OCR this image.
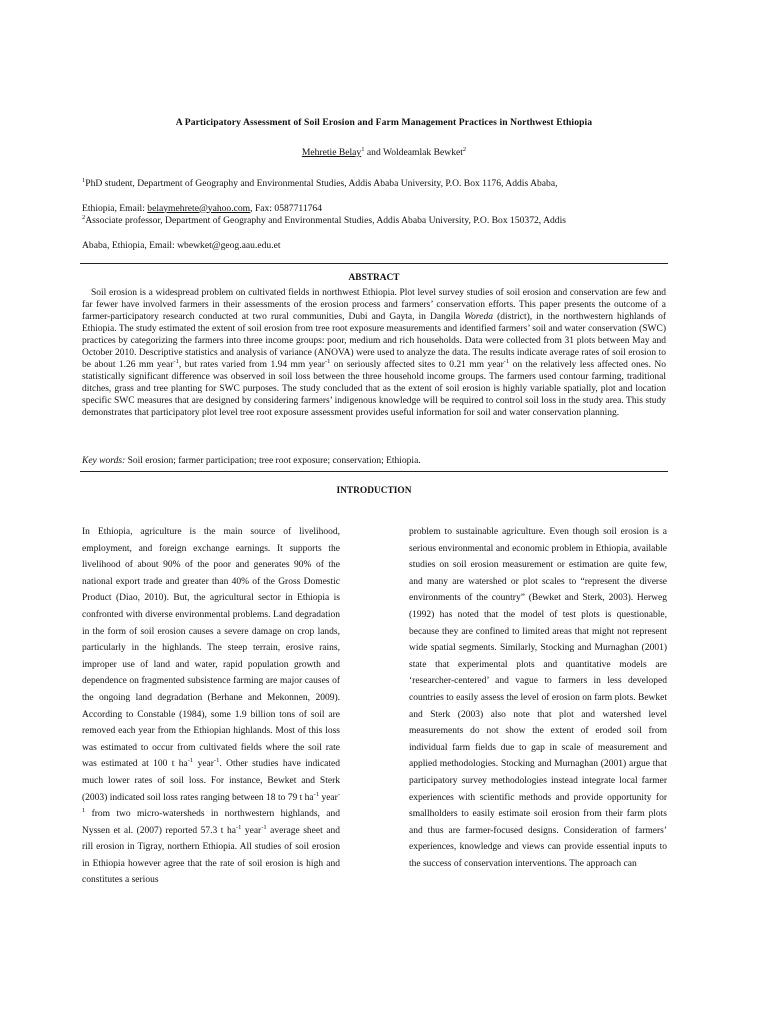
A Participatory Assessment of Soil Erosion and Farm Management Practices in Northwest Ethiopia
Mehretie Belay$^1$ and Woldeamlak Bewket$^2$
$^1$PhD student, Department of Geography and Environmental Studies, Addis Ababa University, P.O. Box 1176, Addis Ababa,
Ethiopia, Email: belaymehrete@yahoo.com, Fax: 0587711764
$^2$Associate professor, Department of Geography and Environmental Studies, Addis Ababa University, P.O. Box 150372, Addis
Ababa, Ethiopia, Email: wbewket@geog.aau.edu.et
ABSTRACT

Soil erosion is a widespread problem on cultivated fields in northwest Ethiopia. Plot level survey studies of soil erosion and conservation are few and far fewer have involved farmers in their assessments of the erosion process and farmers’ conservation efforts. This paper presents the outcome of a farmer-participatory research conducted at two rural communities, Dubi and Gayta, in Dangila Woreda (district), in the northwestern highlands of Ethiopia. The study estimated the extent of soil erosion from tree root exposure measurements and identified farmers’ soil and water conservation (SWC) practices by categorizing the farmers into three income groups: poor, medium and rich households. Data were collected from 31 plots between May and October 2010. Descriptive statistics and analysis of variance (ANOVA) were used to analyze the data. The results indicate average rates of soil erosion to be about 1.26 mm year$^{-1}$, but rates varied from 1.94 mm year$^{-1}$ on seriously affected sites to 0.21 mm year$^{-1}$ on the relatively less affected ones. No statistically significant difference was observed in soil loss between the three household income groups. The farmers used contour farming, traditional ditches, grass and tree planting for SWC purposes. The study concluded that as the extent of soil erosion is highly variable spatially, plot and location specific SWC measures that are designed by considering farmers’ indigenous knowledge will be required to control soil loss in the study area. This study demonstrates that participatory plot level tree root exposure assessment provides useful information for soil and water conservation planning.

Key words: Soil erosion; farmer participation; tree root exposure; conservation; Ethiopia.
INTRODUCTION

In Ethiopia, agriculture is the main source of livelihood, employment, and foreign exchange earnings. It supports the livelihood of about 90% of the poor and generates 90% of the national export trade and greater than 40% of the Gross Domestic Product (Diao, 2010). But, the agricultural sector in Ethiopia is confronted with diverse environmental problems. Land degradation in the form of soil erosion causes a severe damage on crop lands, particularly in the highlands. The steep terrain, erosive rains, improper use of land and water, rapid population growth and dependence on fragmented subsistence farming are major causes of the ongoing land degradation (Berhane and Mekonnen, 2009). According to Constable (1984), some 1.9 billion tons of soil are removed each year from the Ethiopian highlands. Most of this loss was estimated to occur from cultivated fields where the soil rate was estimated at 100 t $ha^{-1}$ year$^{-1}$. Other studies have indicated much lower rates of soil loss. For instance, Bewket and Sterk (2003) indicated soil loss rates ranging between 18 to 79 t $ha^{-1}$ year$^{-1}$ from two micro-watersheds in northwestern highlands, and Nyssen et al. (2007) reported 57.3 t $ha^{-1}$ year$^{-1}$ average sheet and rill erosion in Tigray, northern Ethiopia. All studies of soil erosion in Ethiopia however agree that the rate of soil erosion is high and constitutes a serious

problem to sustainable agriculture. Even though soil erosion is a serious environmental and economic problem in Ethiopia, available studies on soil erosion measurement or estimation are quite few, and many are watershed or plot scales to “represent the diverse environments of the country” (Bewket and Sterk, 2003). Herweg (1992) has noted that the model of test plots is questionable, because they are confined to limited areas that might not represent wide spatial segments. Similarly, Stocking and Murnaghan (2001) state that experimental plots and quantitative models are ‘researcher-centered’ and vague to farmers in less developed countries to easily assess the level of erosion on farm plots. Bewket and Sterk (2003) also note that plot and watershed level measurements do not show the extent of eroded soil from individual farm fields due to gap in scale of measurement and applied methodologies. Stocking and Murnaghan (2001) argue that participatory survey methodologies instead integrate local farmer experiences with scientific methods and provide opportunity for smallholders to easily estimate soil erosion from their farm plots and thus are farmer-focused designs. Consideration of farmers’ experiences, knowledge and views can provide essential inputs to the success of conservation interventions. The approach can
